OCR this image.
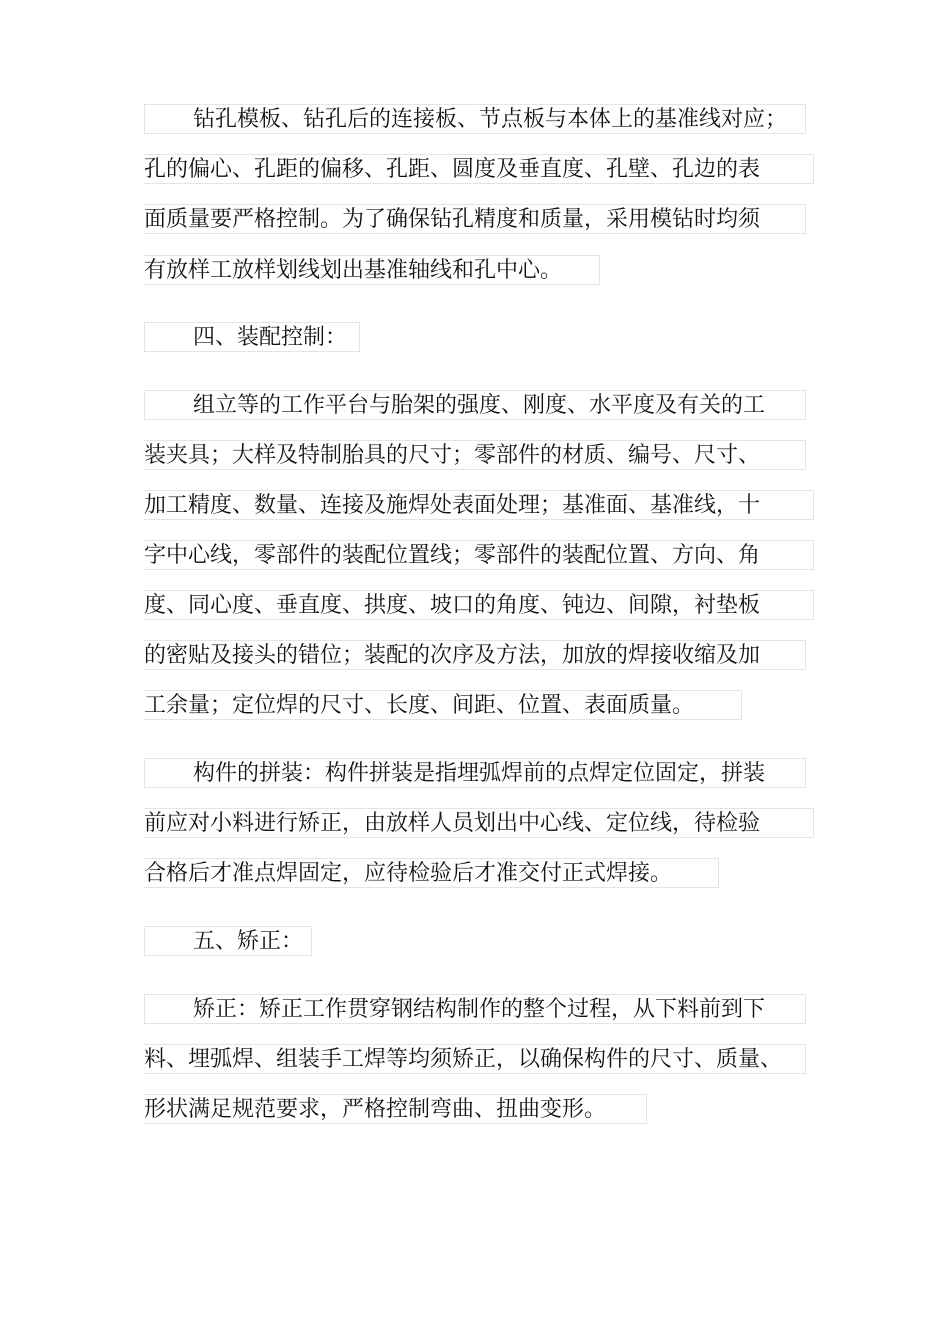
钻孔模板、钻孔后的连接板、节点板与本体上的基准线对应；
孔的偏心、孔距的偏移、孔距、圆度及垂直度、孔壁、孔边的表
面质量要严格控制。为了确保钻孔精度和质量，采用模钻时均须
有放样工放样划线划出基准轴线和孔中心。
四、装配控制：
组立等的工作平台与胎架的强度、刚度、水平度及有关的工
装夹具；大样及特制胎具的尺寸；零部件的材质、编号、尺寸、
加工精度、数量、连接及施焊处表面处理；基准面、基准线，十
字中心线，零部件的装配位置线；零部件的装配位置、方向、角
度、同心度、垂直度、拱度、坡口的角度、钝边、间隙，衬垫板
的密贴及接头的错位；装配的次序及方法，加放的焊接收缩及加
工余量；定位焊的尺寸、长度、间距、位置、表面质量。
构件的拼装：构件拼装是指埋弧焊前的点焊定位固定，拼装
前应对小料进行矫正，由放样人员划出中心线、定位线，待检验
合格后才准点焊固定，应待检验后才准交付正式焊接。
五、矫正：
矫正：矫正工作贯穿钢结构制作的整个过程，从下料前到下
料、埋弧焊、组装手工焊等均须矫正，以确保构件的尺寸、质量、
形状满足规范要求，严格控制弯曲、扭曲变形。
